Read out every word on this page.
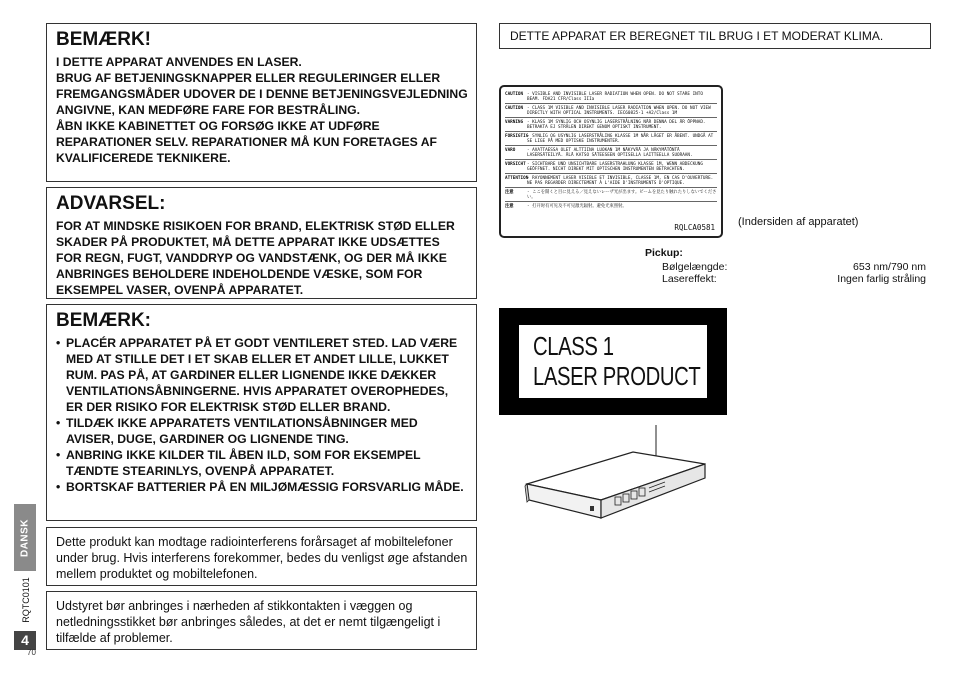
BEMÆRK!

I DETTE APPARAT ANVENDES EN LASER.

BRUG AF BETJENINGSKNAPPER ELLER REGULERINGER ELLER FREMGANGSMÅDER UDOVER DE I DENNE BETJENINGSVEJLEDNING ANGIVNE, KAN MEDFØRE FARE FOR BESTRÅLING.

ÅBN IKKE KABINETTET OG FORSØG IKKE AT UDFØRE REPARATIONER SELV. REPARATIONER MÅ KUN FORETAGES AF KVALIFICEREDE TEKNIKERE.

ADVARSEL:
FOR AT MINDSKE RISIKOEN FOR BRAND, ELEKTRISK STØD ELLER SKADER PÅ PRODUKTET, MÅ DETTE APPARAT IKKE UDSÆTTES FOR REGN, FUGT, VANDDRYP OG VANDSTÆNK, OG DER MÅ IKKE ANBRINGES BEHOLDERE INDEHOLDENDE VÆSKE, SOM FOR EKSEMPEL VASER, OVENPÅ APPARATET.
BEMÆRK:
• PLACÉR APPARATET PÅ ET GODT VENTILERET STED. LAD VÆRE MED AT STILLE DET I ET SKAB ELLER ET ANDET LILLE, LUKKET RUM. PAS PÅ, AT GARDINER ELLER LIGNENDE IKKE DÆKKER VENTILATIONSÅBNINGERNE. HVIS APPARATET OVEROPHEDES, ER DER RISIKO FOR ELEKTRISK STØD ELLER BRAND.
• TILDÆK IKKE APPARATETS VENTILATIONSÅBNINGER MED AVISER, DUGE, GARDINER OG LIGNENDE TING.
• ANBRING IKKE KILDER TIL ÅBEN ILD, SOM FOR EKSEMPEL TÆNDTE STEARINLYS, OVENPÅ APPARATET.
• BORTSKAF BATTERIER PÅ EN MILJØMÆSSIG FORSVARLIG MÅDE.

Dette produkt kan modtage radiointerferens forårsaget af mobiltelefoner under brug. Hvis interferens forekommer, bedes du venligst øge afstanden mellem produktet og mobiltelefonen.

Udstyret bør anbringes i nærheden af stikkontakten i væggen og netledningsstikket bør anbringes således, at det er nemt tilgængeligt i tilfælde af problemer.

DANSK
RQTC0101
4
70
DETTE APPARAT ER BEREGNET TIL BRUG I ET MODERAT KLIMA.
CAUTION - VISIBLE AND INVISIBLE LASER RADIATION WHEN OPEN. DO NOT STARE INTO BEAM. FDA21 CFR/Class IIIa
CAUTION - CLASS 1M VISIBLE AND INVISIBLE LASER RADIATION WHEN OPEN. DO NOT VIEW DIRECTLY WITH OPTICAL INSTRUMENTS. IEC60825-1 +A2/Class 1M
VARNING - KLASS 1M SYNLIG OCH OSYNLIG LASERSTRÅLNING NÄR DENNA DEL ÄR ÖPPNAD. BETRAKTA EJ STRÅLEN DIREKT GENOM OPTISKT INSTRUMENT.
FORSIGTIG
- SYNLIG OG USYNLIG LASERSTRÅLING KLASSE 1M NÅR LÅGET ER ÅBENT. UNDGÅ AT SE LIGE PÅ MED OPTISKE INSTRUMENTER.
VARO	- AVATTAESSA OLET ALTTIINA LUOKAN 1M NÄKYVÄÄ JA NÄKYMÄTÖNTÄ LASERSÄTEILYÄ. ÄLÄ KATSO SÄTEESEEN OPTISELLA LAITTEELLA SUORAAN.
VORSICHT - SICHTBARE UND UNSICHTBARE LASERSTRAHLUNG KLASSE 1M, WENN ABDECKUNG GEÖFFNET. NICHT DIREKT MIT OPTISCHEN INSTRUMENTEN BETRACHTEN.
ATTENTION
- RAYONNEMENT LASER VISIBLE ET INVISIBLE, CLASSE 1M, EN CAS D'OUVERTURE. NE PAS REGARDER DIRECTEMENT À L'AIDE D'INSTRUMENTS D'OPTIQUE.
注意	- ここを開くと目に見える／見えないレーザ光が出ます。ビームを見たり触れたりしないでください。
注意	- 打开时有可见及不可见激光辐射。避免光束照射。
RQLCA0581 (Indersiden af apparatet)
Pickup:
Bølgelængde:	653 nm/790 nm
Lasereffekt:	Ingen farlig stråling
CLASS 1
LASER PRODUCT
